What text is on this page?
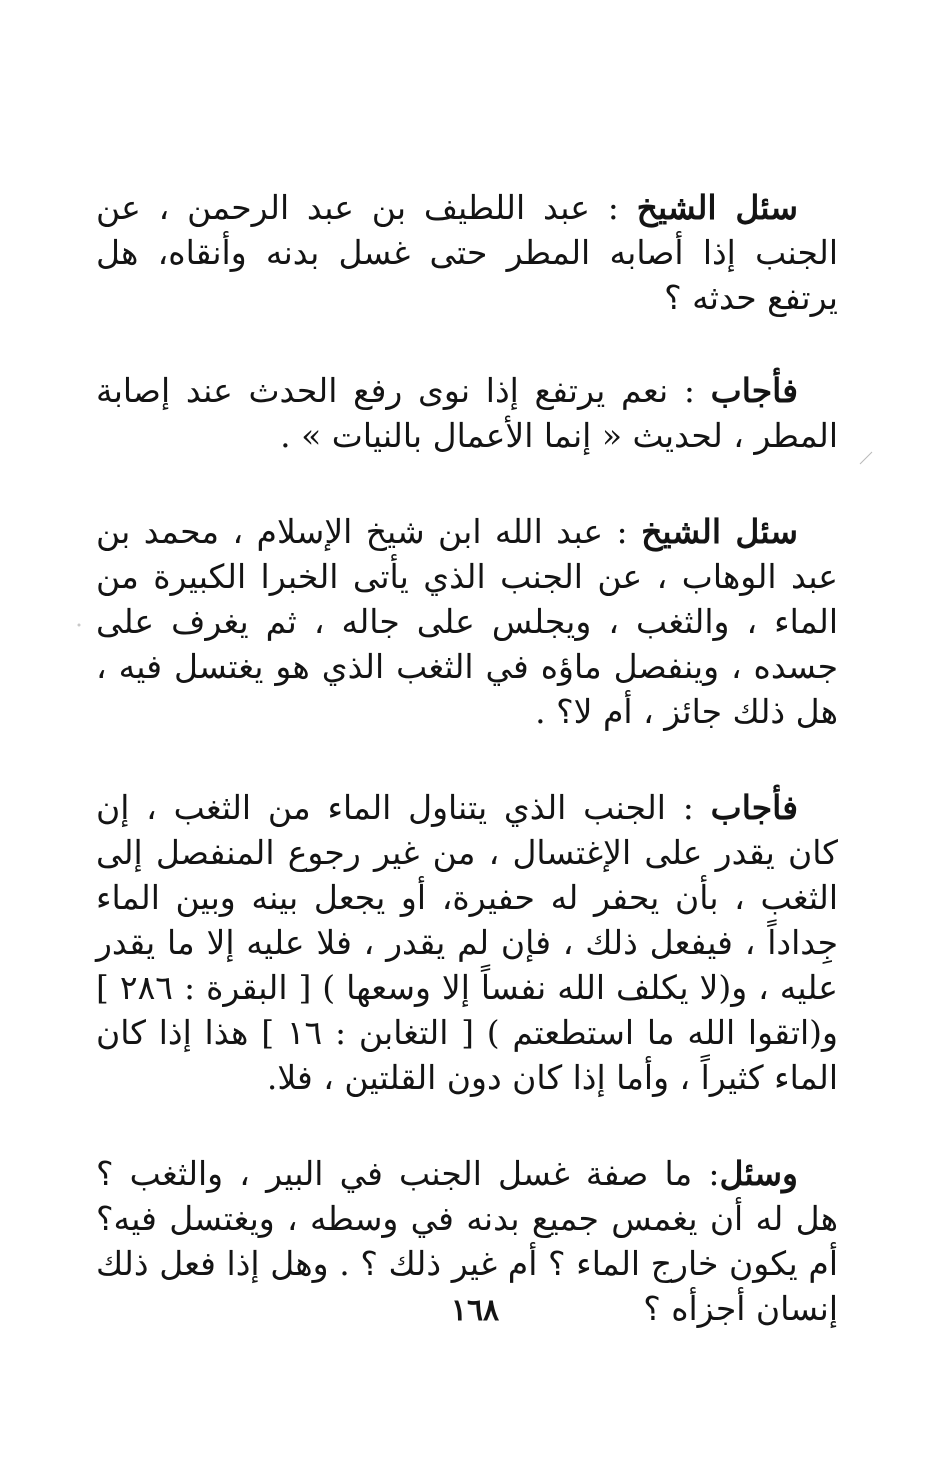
سئل الشيخ : عبد اللطيف بن عبد الرحمن ، عن الجنب إذا أصابه المطر حتى غسل بدنه وأنقاه، هل يرتفع حدثه ؟

فأجاب : نعم يرتفع إذا نوى رفع الحدث عند إصابة المطر ، لحديث « إنما الأعمال بالنيات » .

سئل الشيخ : عبد الله ابن شيخ الإسلام ، محمد بن عبد الوهاب ، عن الجنب الذي يأتى الخبرا الكبيرة من الماء ، والثغب ، ويجلس على جاله ، ثم يغرف على جسده ، وينفصل ماؤه في الثغب الذي هو يغتسل فيه ، هل ذلك جائز ، أم لا؟ .

فأجاب : الجنب الذي يتناول الماء من الثغب ، إن كان يقدر على الإغتسال ، من غير رجوع المنفصل إلى الثغب ، بأن يحفر له حفيرة، أو يجعل بينه وبين الماء جِداداً ، فيفعل ذلك ، فإن لم يقدر ، فلا عليه إلا ما يقدر عليه ، و(لا يكلف الله نفساً إلا وسعها ) [ البقرة : ٢٨٦ ] و(اتقوا الله ما استطعتم ) [ التغابن : ١٦ ] هذا إذا كان الماء كثيراً ، وأما إذا كان دون القلتين ، فلا.

وسئل: ما صفة غسل الجنب في البير ، والثغب ؟ هل له أن يغمس جميع بدنه في وسطه ، ويغتسل فيه؟ أم يكون خارج الماء ؟ أم غير ذلك ؟ . وهل إذا فعل ذلك إنسان أجزأه ؟

١٦٨
